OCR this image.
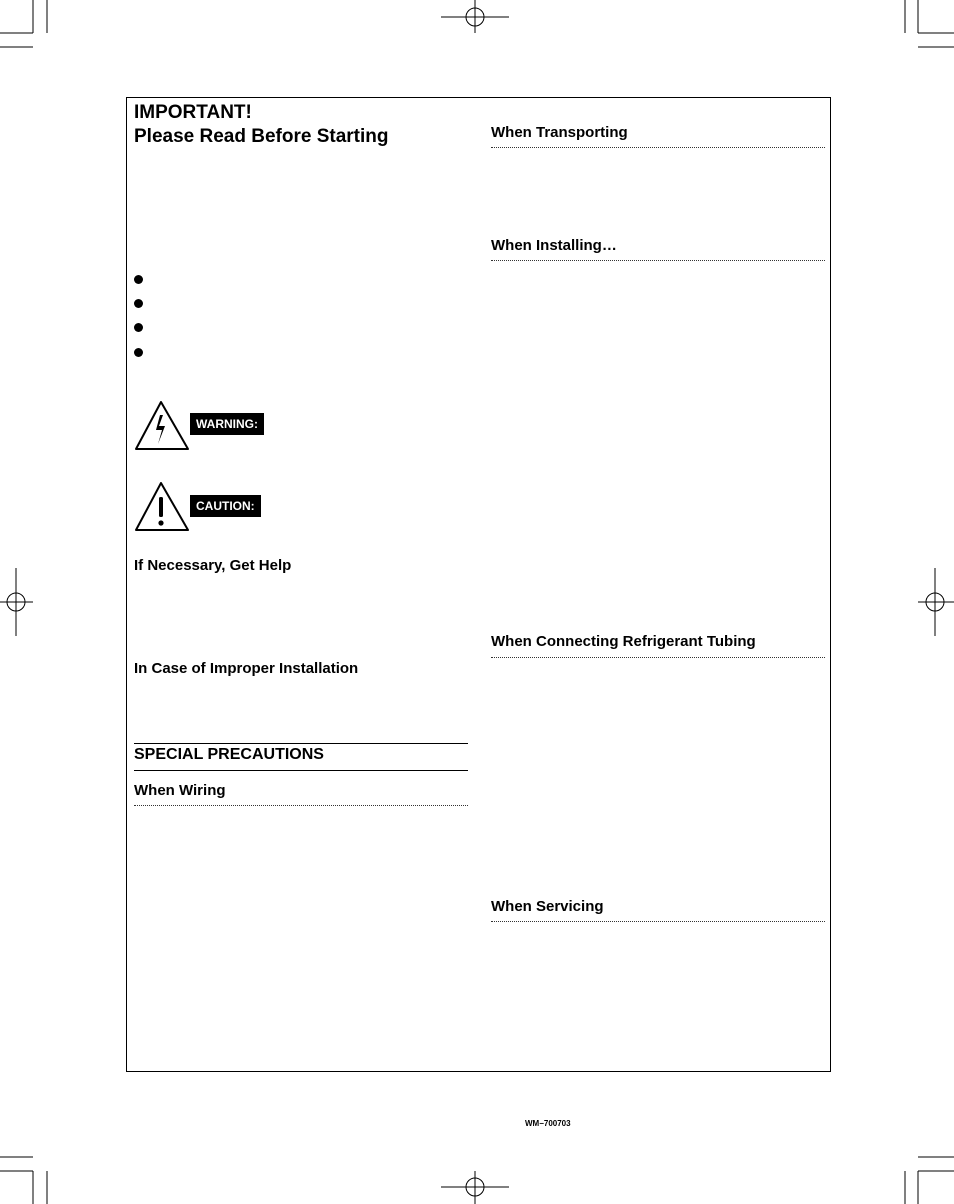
IMPORTANT!
Please Read Before Starting
WARNING:
CAUTION:
If Necessary, Get Help
In Case of Improper Installation
SPECIAL PRECAUTIONS
When Wiring
When Transporting
When Installing…
When Connecting Refrigerant Tubing
When Servicing
WM−700703
